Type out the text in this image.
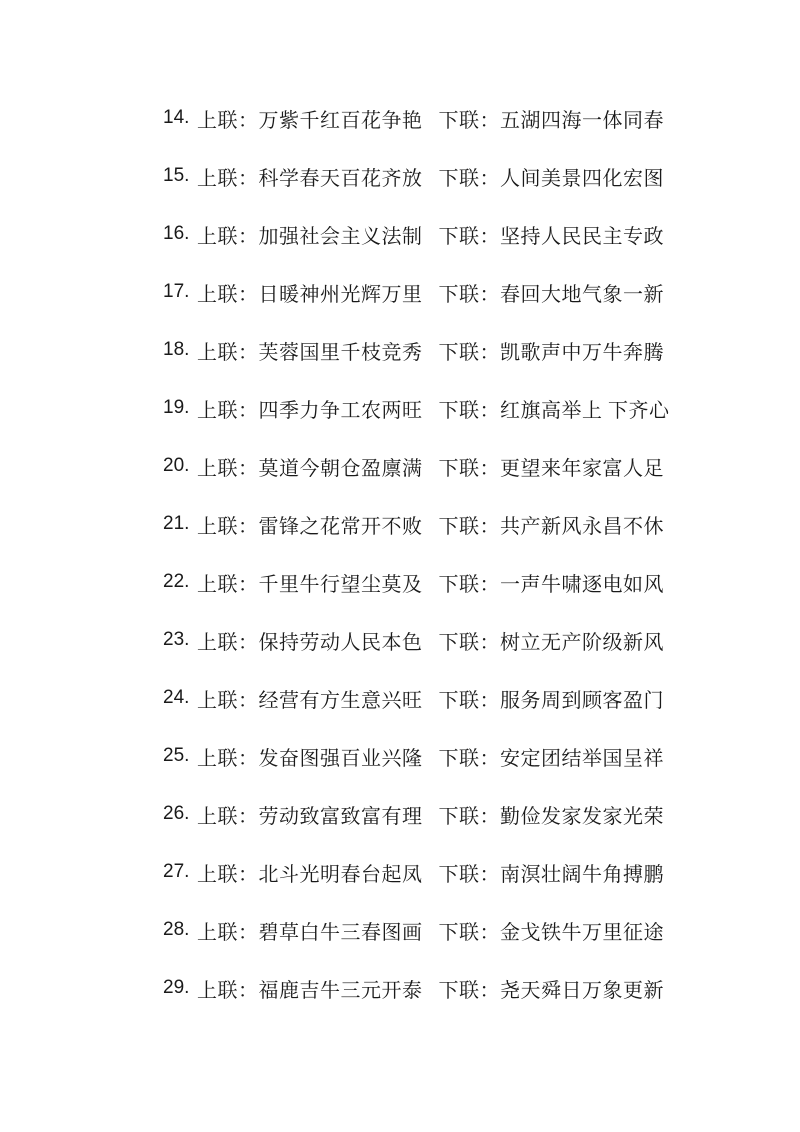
14. 上联： 万紫千红百花争艳 下联： 五湖四海一体同春
15. 上联： 科学春天百花齐放 下联： 人间美景四化宏图
16. 上联： 加强社会主义法制 下联： 坚持人民民主专政
17. 上联： 日暖神州光辉万里 下联： 春回大地气象一新
18. 上联： 芙蓉国里千枝竞秀 下联： 凯歌声中万牛奔腾
19. 上联： 四季力争工农两旺 下联： 红旗高举上 下齐心
20. 上联： 莫道今朝仓盈廪满 下联： 更望来年家富人足
21. 上联： 雷锋之花常开不败 下联： 共产新风永昌不休
22. 上联： 千里牛行望尘莫及 下联： 一声牛啸逐电如风
23. 上联： 保持劳动人民本色 下联： 树立无产阶级新风
24. 上联： 经营有方生意兴旺 下联： 服务周到顾客盈门
25. 上联： 发奋图强百业兴隆 下联： 安定团结举国呈祥
26. 上联： 劳动致富致富有理 下联： 勤俭发家发家光荣
27. 上联： 北斗光明春台起凤 下联： 南溟壮阔牛角搏鹏
28. 上联： 碧草白牛三春图画 下联： 金戈铁牛万里征途
29. 上联： 福鹿吉牛三元开泰 下联： 尧天舜日万象更新
